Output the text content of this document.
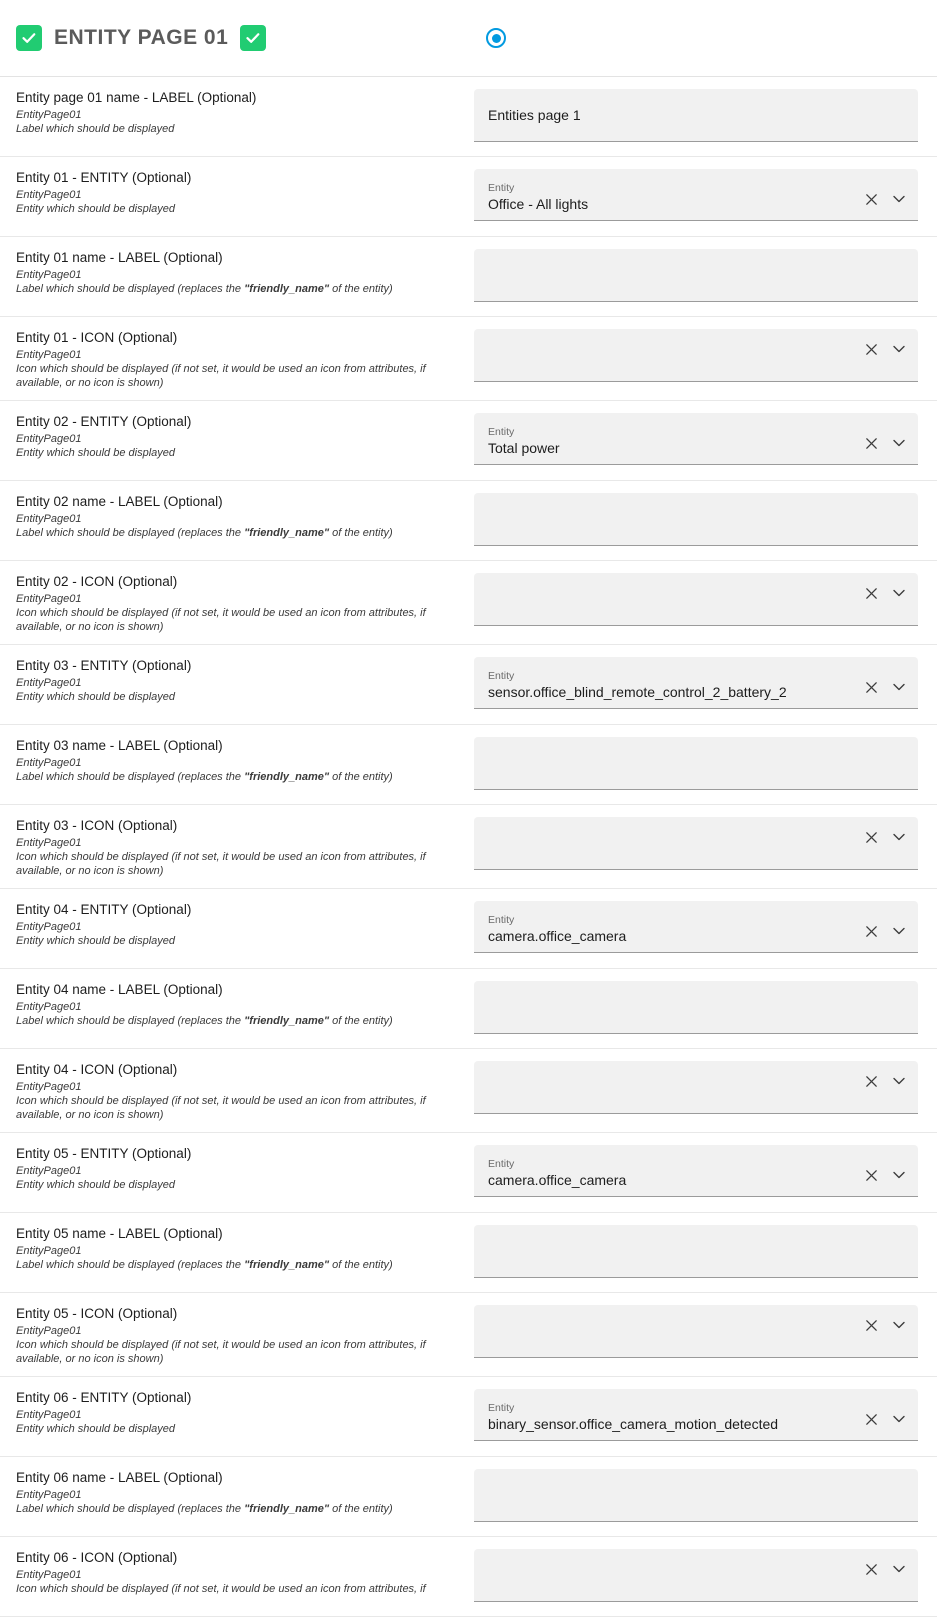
ENTITY PAGE 01
Entity page 01 name - LABEL (Optional)
EntityPage01
Label which should be displayed
Entities page 1
Entity 01 - ENTITY (Optional)
EntityPage01
Entity which should be displayed
Entity
Office - All lights
Entity 01 name - LABEL (Optional)
EntityPage01
Label which should be displayed (replaces the "friendly_name" of the entity)
Entity 01 - ICON (Optional)
EntityPage01
Icon which should be displayed (if not set, it would be used an icon from attributes, if available, or no icon is shown)
Entity 02 - ENTITY (Optional)
EntityPage01
Entity which should be displayed
Entity
Total power
Entity 02 name - LABEL (Optional)
EntityPage01
Label which should be displayed (replaces the "friendly_name" of the entity)
Entity 02 - ICON (Optional)
EntityPage01
Icon which should be displayed (if not set, it would be used an icon from attributes, if available, or no icon is shown)
Entity 03 - ENTITY (Optional)
EntityPage01
Entity which should be displayed
Entity
sensor.office_blind_remote_control_2_battery_2
Entity 03 name - LABEL (Optional)
EntityPage01
Label which should be displayed (replaces the "friendly_name" of the entity)
Entity 03 - ICON (Optional)
EntityPage01
Icon which should be displayed (if not set, it would be used an icon from attributes, if available, or no icon is shown)
Entity 04 - ENTITY (Optional)
EntityPage01
Entity which should be displayed
Entity
camera.office_camera
Entity 04 name - LABEL (Optional)
EntityPage01
Label which should be displayed (replaces the "friendly_name" of the entity)
Entity 04 - ICON (Optional)
EntityPage01
Icon which should be displayed (if not set, it would be used an icon from attributes, if available, or no icon is shown)
Entity 05 - ENTITY (Optional)
EntityPage01
Entity which should be displayed
Entity
camera.office_camera
Entity 05 name - LABEL (Optional)
EntityPage01
Label which should be displayed (replaces the "friendly_name" of the entity)
Entity 05 - ICON (Optional)
EntityPage01
Icon which should be displayed (if not set, it would be used an icon from attributes, if available, or no icon is shown)
Entity 06 - ENTITY (Optional)
EntityPage01
Entity which should be displayed
Entity
binary_sensor.office_camera_motion_detected
Entity 06 name - LABEL (Optional)
EntityPage01
Label which should be displayed (replaces the "friendly_name" of the entity)
Entity 06 - ICON (Optional)
EntityPage01
Icon which should be displayed (if not set, it would be used an icon from attributes, if
